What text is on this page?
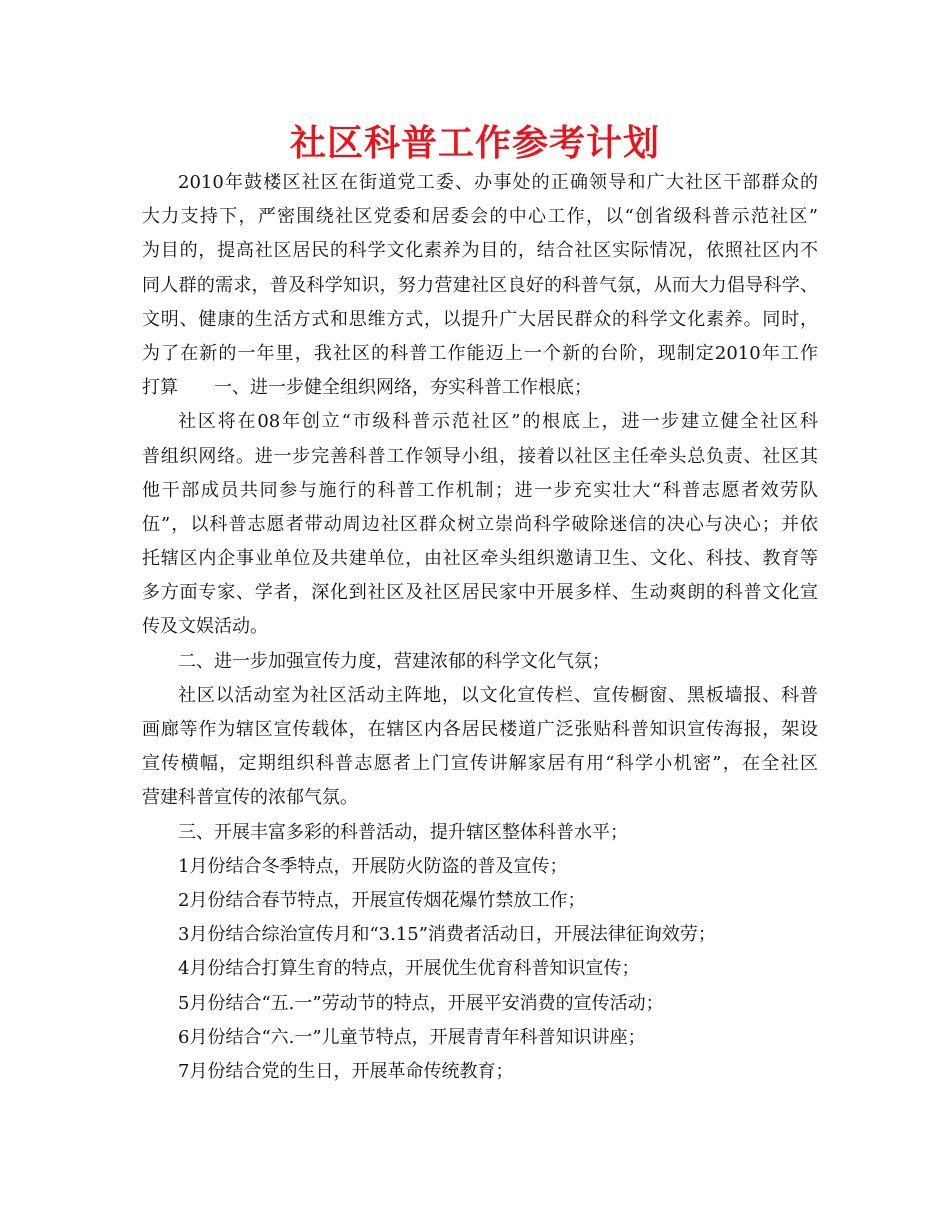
社区科普工作参考计划
2010年鼓楼区社区在街道党工委、办事处的正确领导和广大社区干部群众的
大力支持下，严密围绕社区党委和居委会的中心工作，以“创省级科普示范社区”
为目的，提高社区居民的科学文化素养为目的，结合社区实际情况，依照社区内不
同人群的需求，普及科学知识，努力营建社区良好的科普气氛，从而大力倡导科学、
文明、健康的生活方式和思维方式，以提升广大居民群众的科学文化素养。同时，
为了在新的一年里，我社区的科普工作能迈上一个新的台阶，现制定2010年工作
打算 一、进一步健全组织网络，夯实科普工作根底；
社区将在08年创立“市级科普示范社区”的根底上，进一步建立健全社区科
普组织网络。进一步完善科普工作领导小组，接着以社区主任牵头总负责、社区其
他干部成员共同参与施行的科普工作机制；进一步充实壮大“科普志愿者效劳队
伍”，以科普志愿者带动周边社区群众树立崇尚科学破除迷信的决心与决心；并依
托辖区内企事业单位及共建单位，由社区牵头组织邀请卫生、文化、科技、教育等
多方面专家、学者，深化到社区及社区居民家中开展多样、生动爽朗的科普文化宣
传及文娱活动。
二、进一步加强宣传力度，营建浓郁的科学文化气氛；
社区以活动室为社区活动主阵地，以文化宣传栏、宣传橱窗、黑板墙报、科普
画廊等作为辖区宣传载体，在辖区内各居民楼道广泛张贴科普知识宣传海报，架设
宣传横幅，定期组织科普志愿者上门宣传讲解家居有用“科学小机密”，在全社区
营建科普宣传的浓郁气氛。
三、开展丰富多彩的科普活动，提升辖区整体科普水平；
1月份结合冬季特点，开展防火防盗的普及宣传；
2月份结合春节特点，开展宣传烟花爆竹禁放工作；
3月份结合综治宣传月和“3.15”消费者活动日，开展法律征询效劳；
4月份结合打算生育的特点，开展优生优育科普知识宣传；
5月份结合“五.一”劳动节的特点，开展平安消费的宣传活动；
6月份结合“六.一”儿童节特点，开展青青年科普知识讲座；
7月份结合党的生日，开展革命传统教育；
